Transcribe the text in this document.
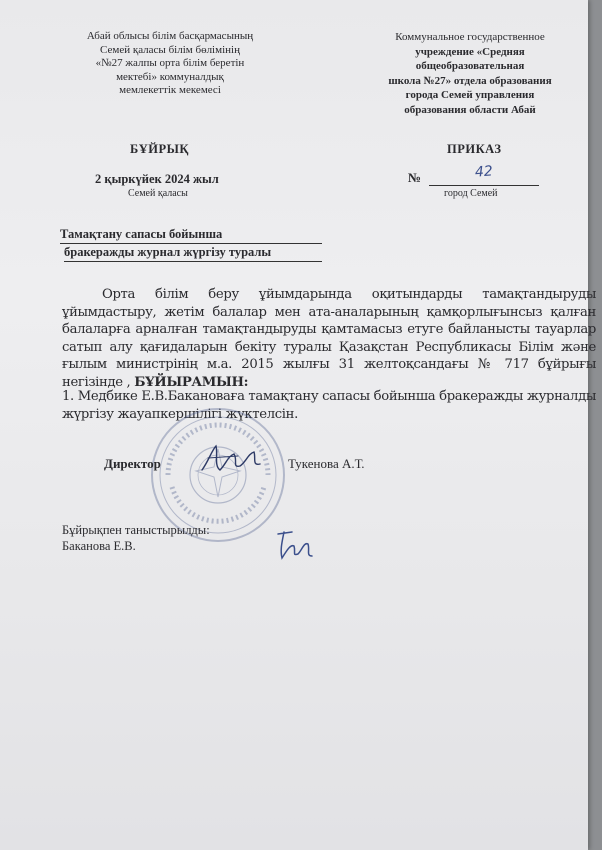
Абай облысы білім басқармасының
Семей қаласы білім бөлімінің
«№27 жалпы орта білім беретін
мектебі» коммуналдық
мемлекеттік мекемесі
Коммунальное государственное
учреждение «Средняя
общеобразовательная
школа №27» отдела образования
города Семей управления
образования области Абай
БҰЙРЫҚ	ПРИКАЗ
2 қыркүйек 2024 жыл
Семей қаласы
№	42
город Семей
Тамақтану сапасы бойынша
бракеражды журнал жүргізу туралы
Орта білім беру ұйымдарында оқитындарды тамақтандыруды ұйымдастыру, жетім балалар мен ата-аналарының қамқорлығынсыз қалған балаларға арналған тамақтандыруды қамтамасыз етуге байланысты тауарлар сатып алу қағидаларын бекіту туралы Қазақстан Республикасы Білім және ғылым министрінің м.а. 2015 жылғы 31 желтоқсандағы № 717 бұйрығы негізінде , БҰЙЫРАМЫН:
1. Медбике Е.В.Бакановаға тамақтану сапасы бойынша бракеражды журналды жүргізу жауапкершілігі жүктелсін.
Директор	Тукенова А.Т.
Бұйрықпен таныстырылды:
Баканова Е.В.
